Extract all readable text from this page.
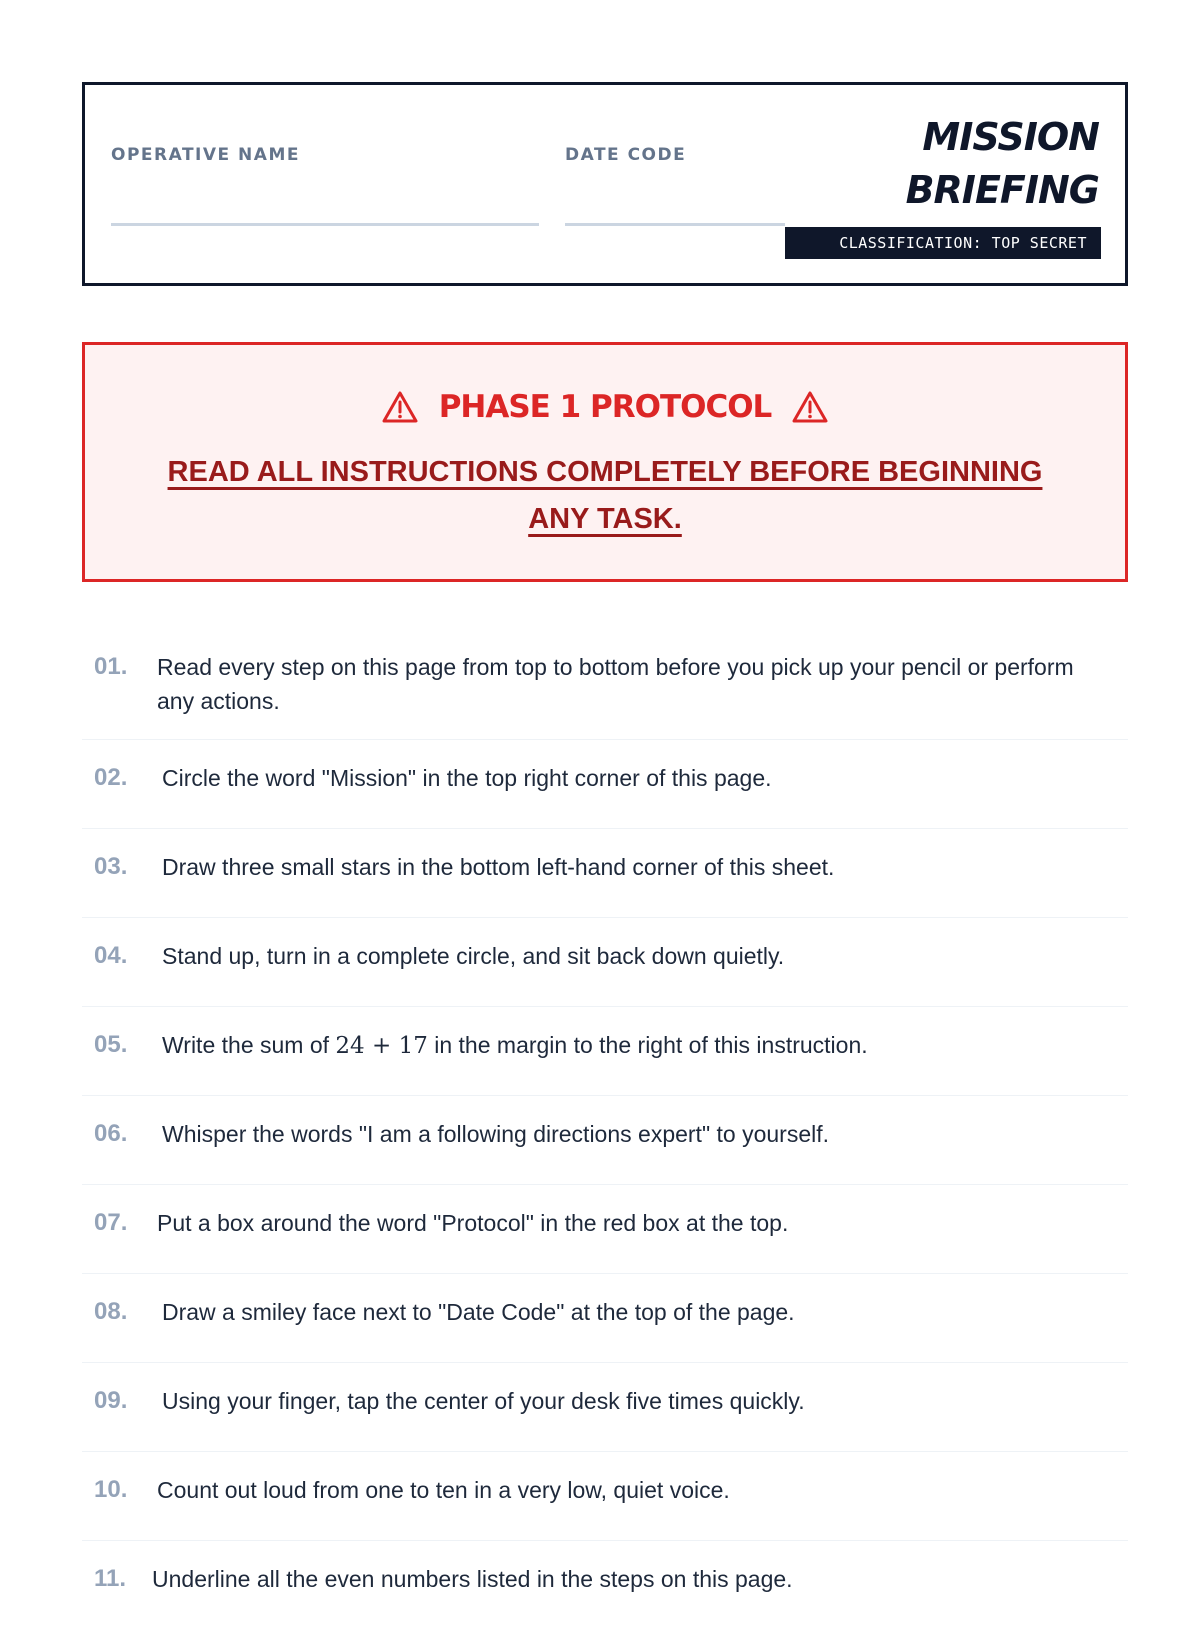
OPERATIVE NAME	DATE CODE	MISSION
BRIEFING
CLASSIFICATION: TOP SECRET
PHASE 1 PROTOCOL
READ ALL INSTRUCTIONS COMPLETELY BEFORE BEGINNING
ANY TASK.
01.	Read every step on this page from top to bottom before you pick up your pencil or perform any actions.
02.	Circle the word "Mission" in the top right corner of this page.
03.	Draw three small stars in the bottom left-hand corner of this sheet.
04.	Stand up, turn in a complete circle, and sit back down quietly.
05.	Write the sum of 24 + 17 in the margin to the right of this instruction.
06.	Whisper the words "I am a following directions expert" to yourself.
07.	Put a box around the word "Protocol" in the red box at the top.
08.	Draw a smiley face next to "Date Code" at the top of the page.
09.	Using your finger, tap the center of your desk five times quickly.
10.	Count out loud from one to ten in a very low, quiet voice.
11.	Underline all the even numbers listed in the steps on this page.
